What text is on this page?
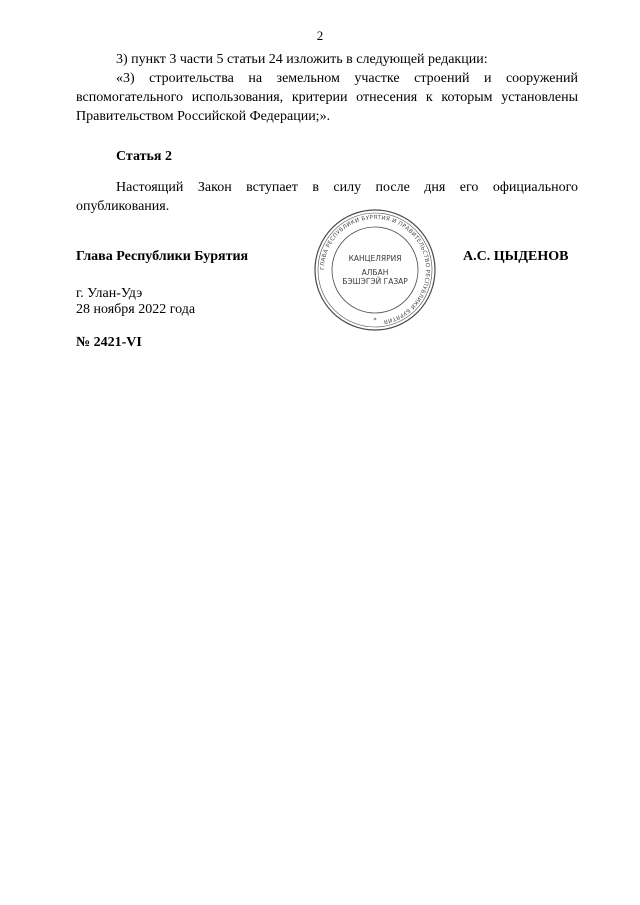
2

3) пункт 3 части 5 статьи 24 изложить в следующей редакции:

«3) строительства на земельном участке строений и сооружений вспомогательного использования, критерии отнесения к которым установлены Правительством Российской Федерации;».

Статья 2

Настоящий Закон вступает в силу после дня его официального опубликования.

Глава Республики Бурятия
ГЛАВА РЕСПУБЛИКИ БУРЯТИЯ И ПРАВИТЕЛЬСТВО РЕСПУБЛИКИ БУРЯТИЯ
КАНЦЕЛЯРИЯ
АЛБАН
БЭШЭГЭЙ ГАЗАР
*
А.С. ЦЫДЕНОВ
г. Улан-Удэ
28 ноября 2022 года
№ 2421-VI
